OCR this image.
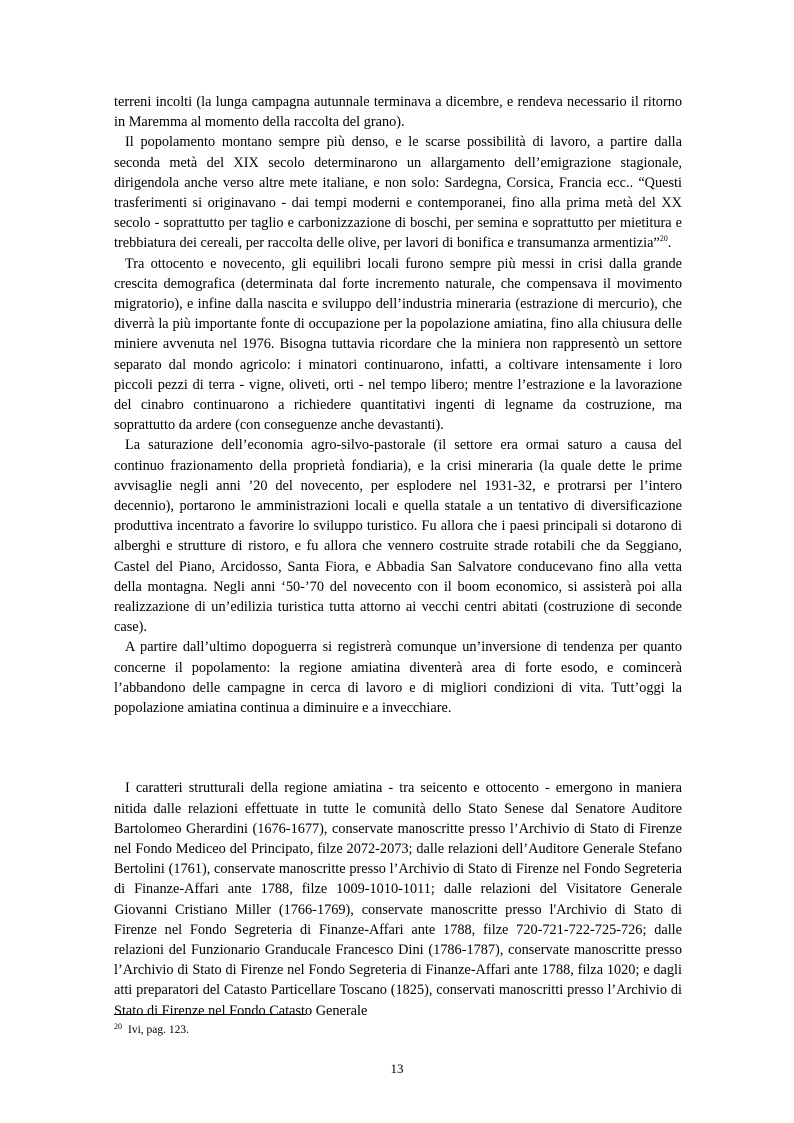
terreni incolti (la lunga campagna autunnale terminava a dicembre, e rendeva necessario il ritorno in Maremma al momento della raccolta del grano).

Il popolamento montano sempre più denso, e le scarse possibilità di lavoro, a partire dalla seconda metà del XIX secolo determinarono un allargamento dell’emigrazione stagionale, dirigendola anche verso altre mete italiane, e non solo: Sardegna, Corsica, Francia ecc.. “Questi trasferimenti si originavano - dai tempi moderni e contemporanei, fino alla prima metà del XX secolo - soprattutto per taglio e carbonizzazione di boschi, per semina e soprattutto per mietitura e trebbiatura dei cereali, per raccolta delle olive, per lavori di bonifica e transumanza armentizia”$^{20}$.

Tra ottocento e novecento, gli equilibri locali furono sempre più messi in crisi dalla grande crescita demografica (determinata dal forte incremento naturale, che compensava il movimento migratorio), e infine dalla nascita e sviluppo dell’industria mineraria (estrazione di mercurio), che diverrà la più importante fonte di occupazione per la popolazione amiatina, fino alla chiusura delle miniere avvenuta nel 1976. Bisogna tuttavia ricordare che la miniera non rappresentò un settore separato dal mondo agricolo: i minatori continuarono, infatti, a coltivare intensamente i loro piccoli pezzi di terra - vigne, oliveti, orti - nel tempo libero; mentre l’estrazione e la lavorazione del cinabro continuarono a richiedere quantitativi ingenti di legname da costruzione, ma soprattutto da ardere (con conseguenze anche devastanti).

La saturazione dell’economia agro-silvo-pastorale (il settore era ormai saturo a causa del continuo frazionamento della proprietà fondiaria), e la crisi mineraria (la quale dette le prime avvisaglie negli anni ’20 del novecento, per esplodere nel 1931-32, e protrarsi per l’intero decennio), portarono le amministrazioni locali e quella statale a un tentativo di diversificazione produttiva incentrato a favorire lo sviluppo turistico. Fu allora che i paesi principali si dotarono di alberghi e strutture di ristoro, e fu allora che vennero costruite strade rotabili che da Seggiano, Castel del Piano, Arcidosso, Santa Fiora, e Abbadia San Salvatore conducevano fino alla vetta della montagna. Negli anni ‘50-’70 del novecento con il boom economico, si assisterà poi alla realizzazione di un’edilizia turistica tutta attorno ai vecchi centri abitati (costruzione di seconde case).

A partire dall’ultimo dopoguerra si registrerà comunque un’inversione di tendenza per quanto concerne il popolamento: la regione amiatina diventerà area di forte esodo, e comincerà l’abbandono delle campagne in cerca di lavoro e di migliori condizioni di vita. Tutt’oggi la popolazione amiatina continua a diminuire e a invecchiare.

I caratteri strutturali della regione amiatina - tra seicento e ottocento - emergono in maniera nitida dalle relazioni effettuate in tutte le comunità dello Stato Senese dal Senatore Auditore Bartolomeo Gherardini (1676-1677), conservate manoscritte presso l’Archivio di Stato di Firenze nel Fondo Mediceo del Principato, filze 2072-2073; dalle relazioni dell’Auditore Generale Stefano Bertolini (1761), conservate manoscritte presso l’Archivio di Stato di Firenze nel Fondo Segreteria di Finanze-Affari ante 1788, filze 1009-1010-1011; dalle relazioni del Visitatore Generale Giovanni Cristiano Miller (1766-1769), conservate manoscritte presso l'Archivio di Stato di Firenze nel Fondo Segreteria di Finanze-Affari ante 1788, filze 720-721-722-725-726; dalle relazioni del Funzionario Granducale Francesco Dini (1786-1787), conservate manoscritte presso l’Archivio di Stato di Firenze nel Fondo Segreteria di Finanze-Affari ante 1788, filza 1020; e dagli atti preparatori del Catasto Particellare Toscano (1825), conservati manoscritti presso l’Archivio di Stato di Firenze nel Fondo Catasto Generale

$^{20}$ Ivi, pag. 123.
13
